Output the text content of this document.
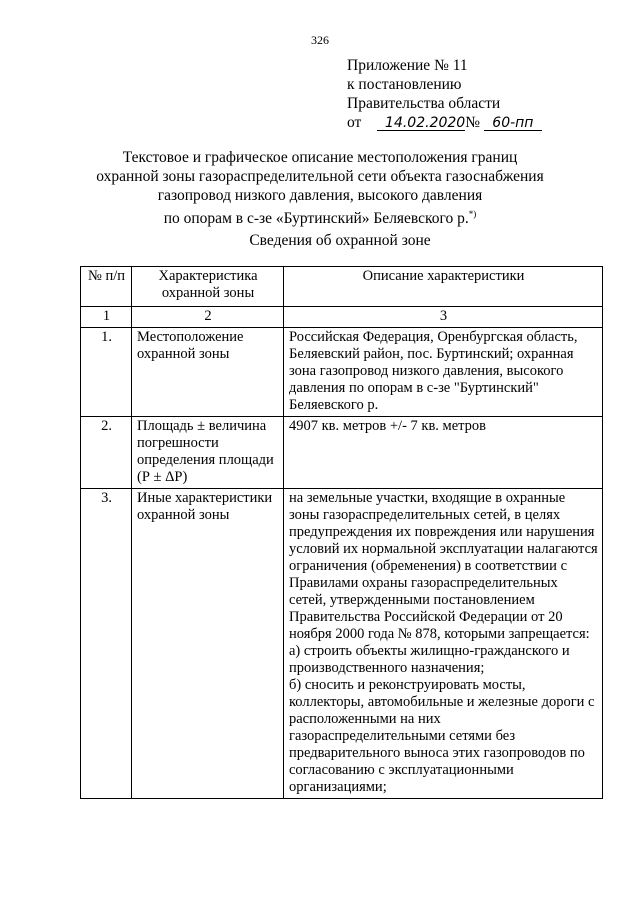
326
Приложение № 11
к постановлению
Правительства области
от 14.02.2020№ 60-пп
Текстовое и графическое описание местоположения границ
охранной зоны газораспределительной сети объекта газоснабжения
газопровод низкого давления, высокого давления
по опорам в с-зе «Буртинский» Беляевского р.*)
Сведения об охранной зоне
№ п/п	Характеристика охранной зоны	Описание характеристики
1	2	3
1.	Местоположение охранной зоны	Российская Федерация, Оренбургская область, Беляевский район, пос. Буртинский; охранная зона газопровод низкого давления, высокого давления по опорам в с-зе "Буртинский" Беляевского р.
2.	Площадь ± величина погрешности определения площади (Р ± ΔР)	4907 кв. метров +/- 7 кв. метров
3.	Иные характеристики охранной зоны	на земельные участки, входящие в охранные зоны газораспределительных сетей, в целях предупреждения их повреждения или нарушения условий их нормальной эксплуатации налагаются ограничения (обременения) в соответствии с Правилами охраны газораспределительных сетей, утвержденными постановлением Правительства Российской Федерации от 20 ноября 2000 года № 878, которыми запрещается:
а) строить объекты жилищно-гражданского и производственного назначения;
б) сносить и реконструировать мосты, коллекторы, автомобильные и железные дороги с расположенными на них газораспределительными сетями без предварительного выноса этих газопроводов по согласованию с эксплуатационными организациями;
